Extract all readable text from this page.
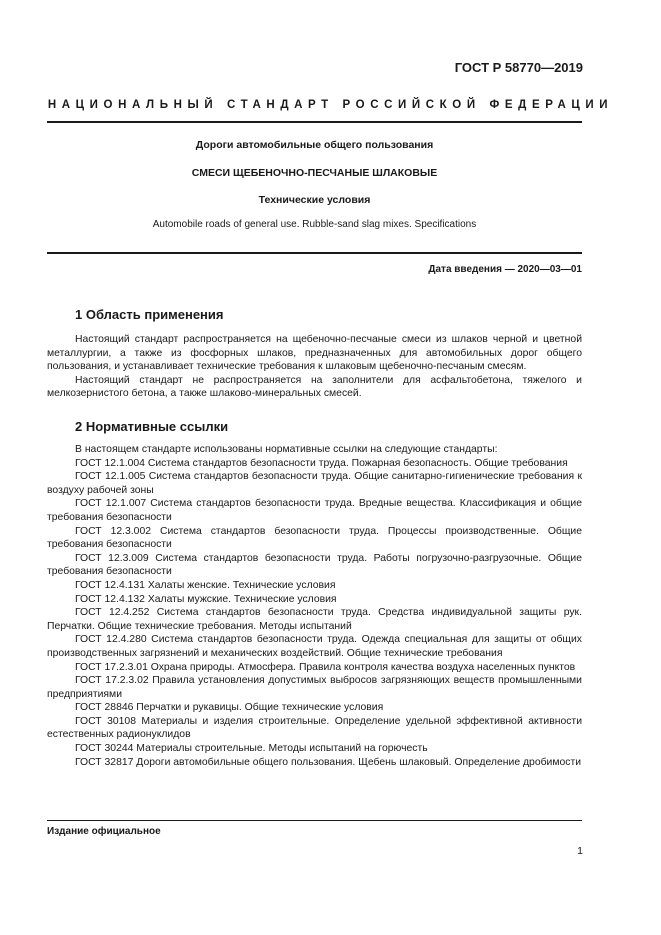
ГОСТ Р 58770—2019
НАЦИОНАЛЬНЫЙ СТАНДАРТ РОССИЙСКОЙ ФЕДЕРАЦИИ
Дороги автомобильные общего пользования
СМЕСИ ЩЕБЕНОЧНО-ПЕСЧАНЫЕ ШЛАКОВЫЕ
Технические условия
Automobile roads of general use. Rubble-sand slag mixes. Specifications
Дата введения — 2020—03—01
1 Область применения

Настоящий стандарт распространяется на щебеночно-песчаные смеси из шлаков черной и цветной металлургии, а также из фосфорных шлаков, предназначенных для автомобильных дорог общего пользования, и устанавливает технические требования к шлаковым щебеночно-песчаным смесям.

Настоящий стандарт не распространяется на заполнители для асфальтобетона, тяжелого и мелкозернистого бетона, а также шлаково-минеральных смесей.

2 Нормативные ссылки

В настоящем стандарте использованы нормативные ссылки на следующие стандарты:

ГОСТ 12.1.004 Система стандартов безопасности труда. Пожарная безопасность. Общие требования

ГОСТ 12.1.005 Система стандартов безопасности труда. Общие санитарно-гигиенические требования к воздуху рабочей зоны

ГОСТ 12.1.007 Система стандартов безопасности труда. Вредные вещества. Классификация и общие требования безопасности

ГОСТ 12.3.002 Система стандартов безопасности труда. Процессы производственные. Общие требования безопасности

ГОСТ 12.3.009 Система стандартов безопасности труда. Работы погрузочно-разгрузочные. Общие требования безопасности

ГОСТ 12.4.131 Халаты женские. Технические условия

ГОСТ 12.4.132 Халаты мужские. Технические условия

ГОСТ 12.4.252 Система стандартов безопасности труда. Средства индивидуальной защиты рук. Перчатки. Общие технические требования. Методы испытаний

ГОСТ 12.4.280 Система стандартов безопасности труда. Одежда специальная для защиты от общих производственных загрязнений и механических воздействий. Общие технические требования

ГОСТ 17.2.3.01 Охрана природы. Атмосфера. Правила контроля качества воздуха населенных пунктов

ГОСТ 17.2.3.02 Правила установления допустимых выбросов загрязняющих веществ промышленными предприятиями

ГОСТ 28846 Перчатки и рукавицы. Общие технические условия

ГОСТ 30108 Материалы и изделия строительные. Определение удельной эффективной активности естественных радионуклидов

ГОСТ 30244 Материалы строительные. Методы испытаний на горючесть

ГОСТ 32817 Дороги автомобильные общего пользования. Щебень шлаковый. Определение дробимости

Издание официальное
1
